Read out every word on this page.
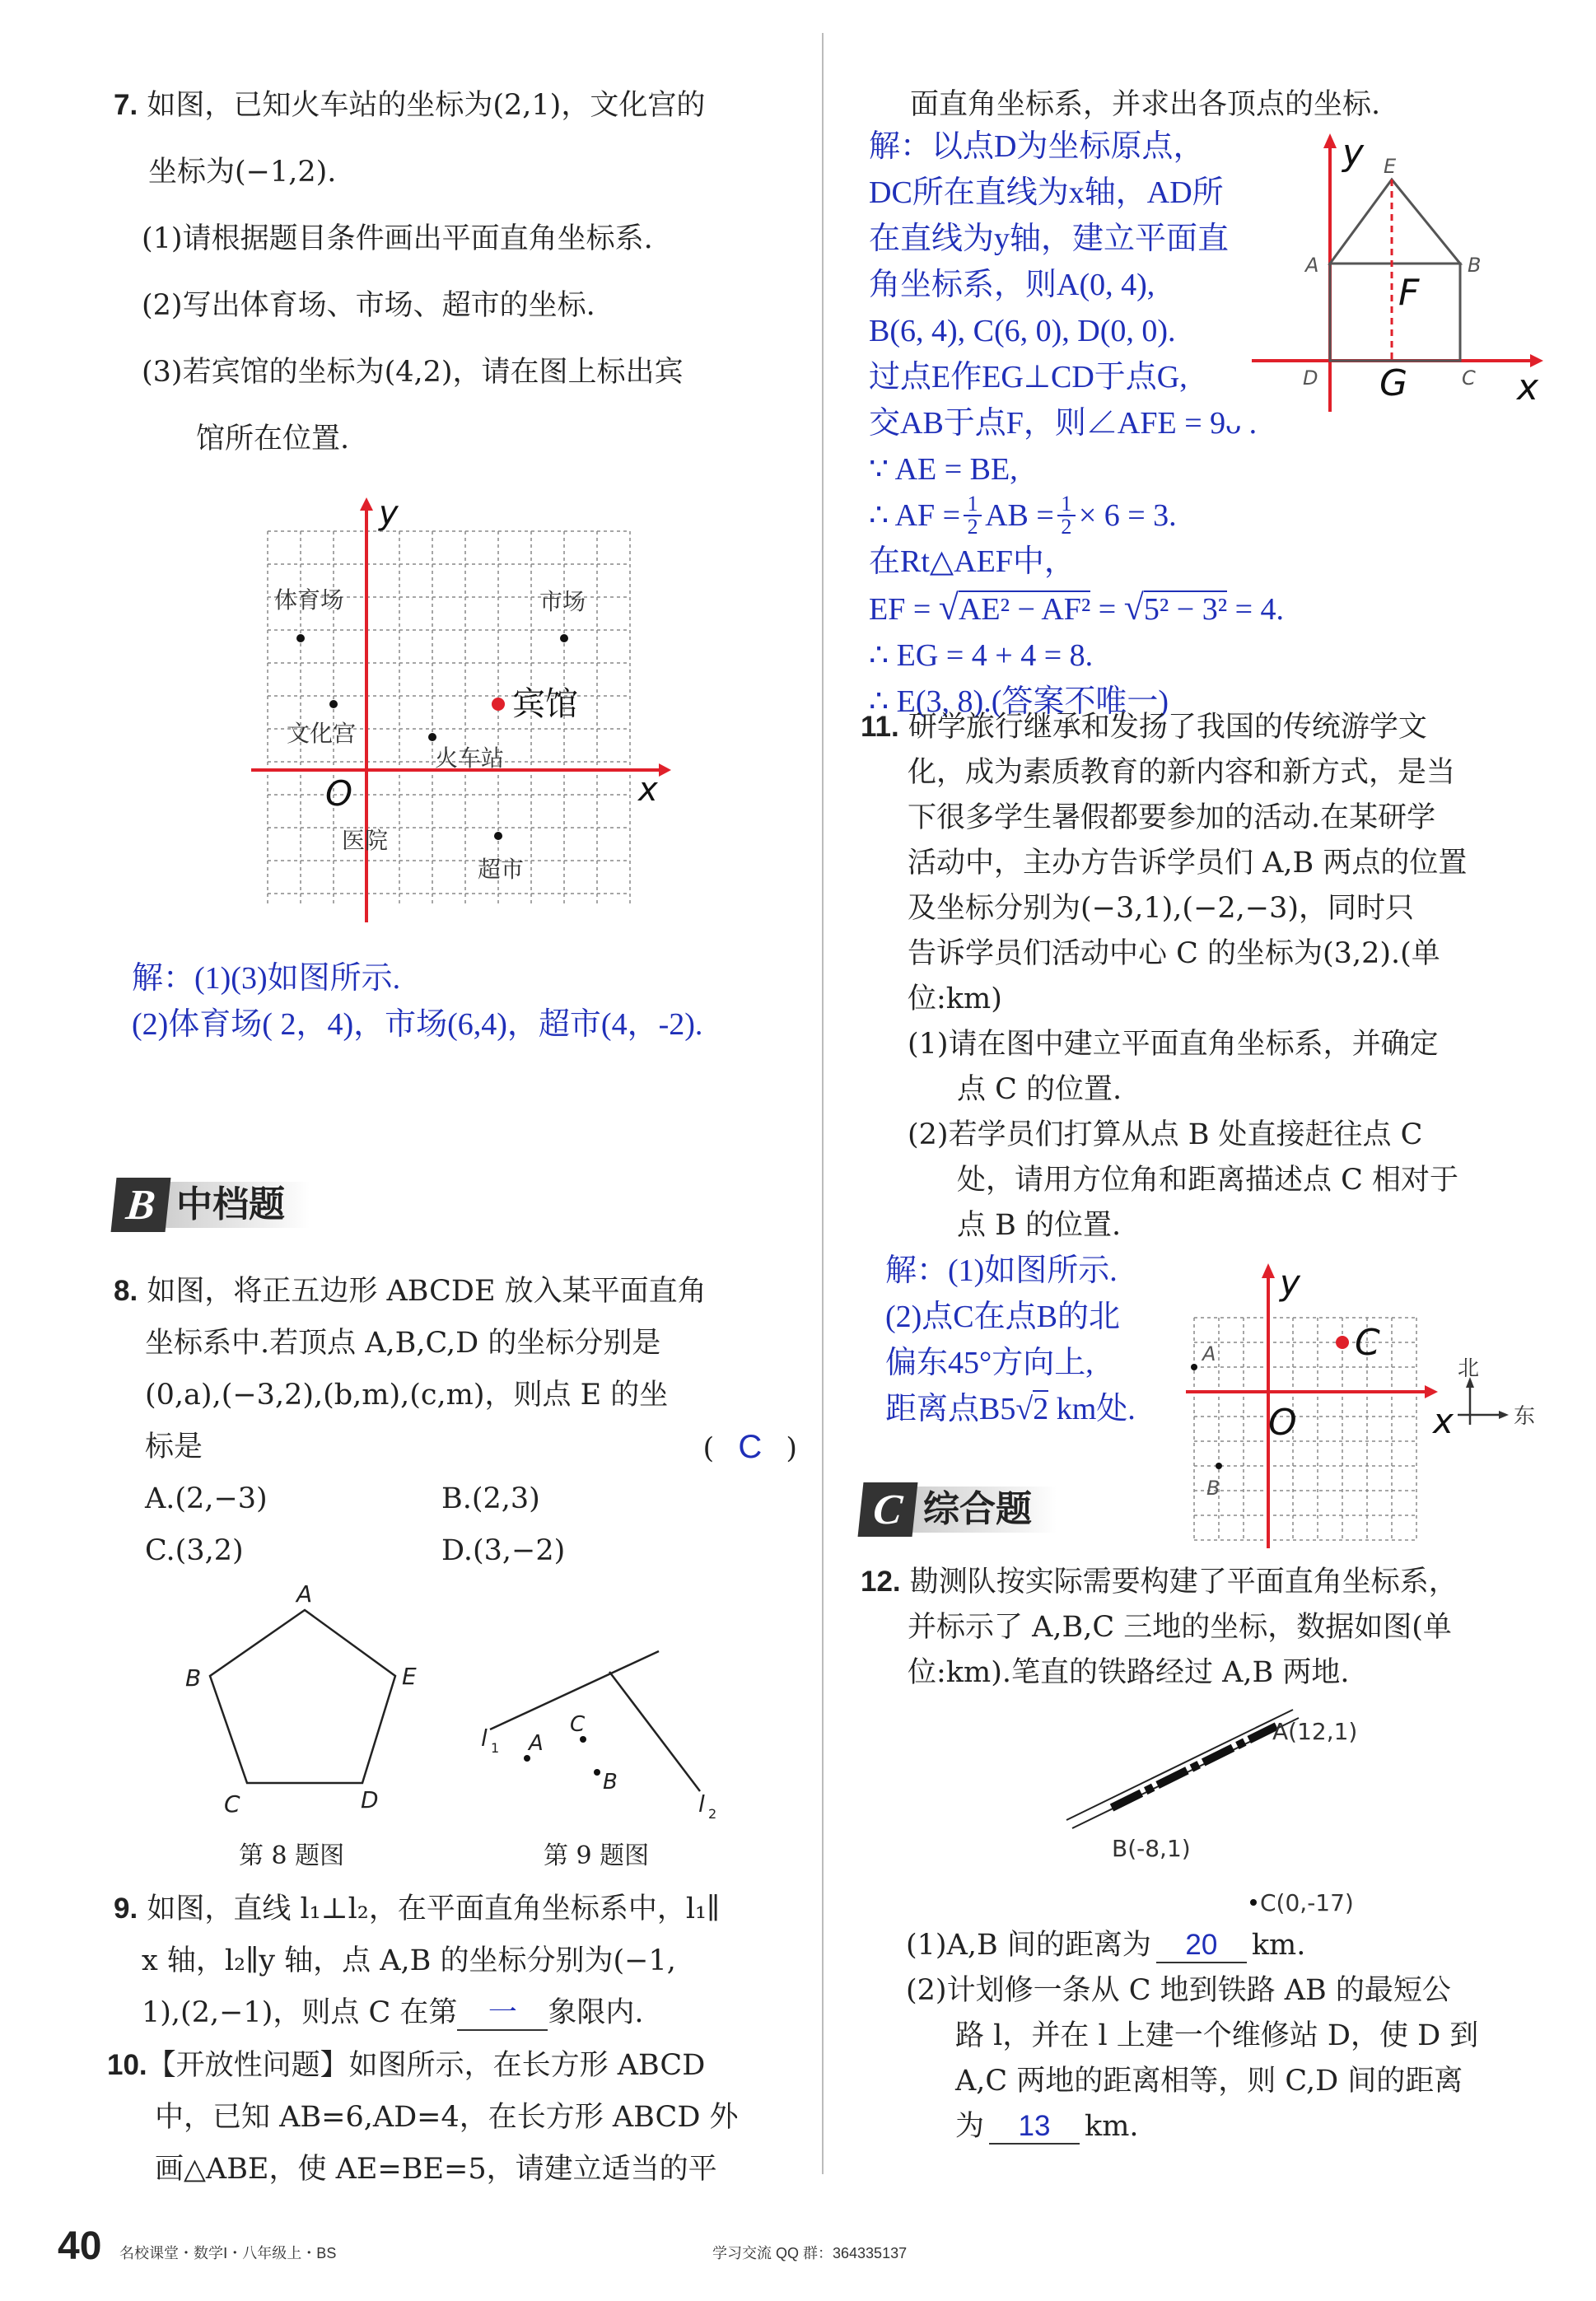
7. 如图，已知火车站的坐标为(2,1)，文化宫的
坐标为(−1,2).
(1)请根据题目条件画出平面直角坐标系.
(2)写出体育场、市场、超市的坐标.
(3)若宾馆的坐标为(4,2)，请在图上标出宾
馆所在位置.
y
x
O
体育场	市场
宾馆
文化宫
火车站
医院
超市
解：(1)(3)如图所示.
(2)体育场( 2，4)，市场(6,4)，超市(4，-2).
B 中档题
8. 如图，将正五边形 ABCDE 放入某平面直角
坐标系中.若顶点 A,B,C,D 的坐标分别是
(0,a),(−3,2),(b,m),(c,m)，则点 E 的坐
标是	( C )
A.(2,−3)	B.(2,3)
C.(3,2)	D.(3,−2)
A
B
C	D
E
第 8 题图
l 1
l 2
A
C
B
第 9 题图
9. 如图，直线 l₁⊥l₂，在平面直角坐标系中，l₁∥
x 轴，l₂∥y 轴，点 A,B 的坐标分别为(−1,
1),(2,−1)，则点 C 在第 一 象限内.
10.【开放性问题】如图所示，在长方形 ABCD
中，已知 AB=6,AD=4，在长方形 ABCD 外
画△ABE，使 AE=BE=5，请建立适当的平
40 名校课堂・数学Ⅰ・八年级上・BS	学习交流 QQ 群：364335137
面直角坐标系，并求出各顶点的坐标.
解：以点D为坐标原点，
DC所在直线为x轴，AD所
在直线为y轴，建立平面直
角坐标系，则A(0, 4),
B(6, 4), C(6, 0), D(0, 0).
过点E作EG⊥CD于点G,
交AB于点F，则∠AFE = 9ᴗ .
∵ AE = BE,
∴ AF = 1
2 AB = 1
2 × 6 = 3.
在Rt△AEF中，
EF = √AE² − AF² = √5² − 3² = 4.
∴ EG = 4 + 4 = 8.
∴ E(3, 8).(答案不唯一)
y
x
E
A	B
F
D G	C
11. 研学旅行继承和发扬了我国的传统游学文
化，成为素质教育的新内容和新方式，是当
下很多学生暑假都要参加的活动.在某研学
活动中，主办方告诉学员们 A,B 两点的位置
及坐标分别为(−3,1),(−2,−3)，同时只
告诉学员们活动中心 C 的坐标为(3,2).(单
位:km)
(1)请在图中建立平面直角坐标系，并确定
点 C 的位置.
(2)若学员们打算从点 B 处直接赶往点 C
处，请用方位角和距离描述点 C 相对于
点 B 的位置.
解：(1)如图所示.
(2)点C在点B的北
偏东45°方向上,
距离点B5√2 km处.
y
x
O
A
B
C
北
东
C 综合题
12. 勘测队按实际需要构建了平面直角坐标系，
并标示了 A,B,C 三地的坐标，数据如图(单
位:km).笔直的铁路经过 A,B 两地.
A(12,1)
B(-8,1)
C(0,-17)
(1)A,B 间的距离为 20 km.
(2)计划修一条从 C 地到铁路 AB 的最短公
路 l，并在 l 上建一个维修站 D，使 D 到
A,C 两地的距离相等，则 C,D 间的距离
为 13 km.
